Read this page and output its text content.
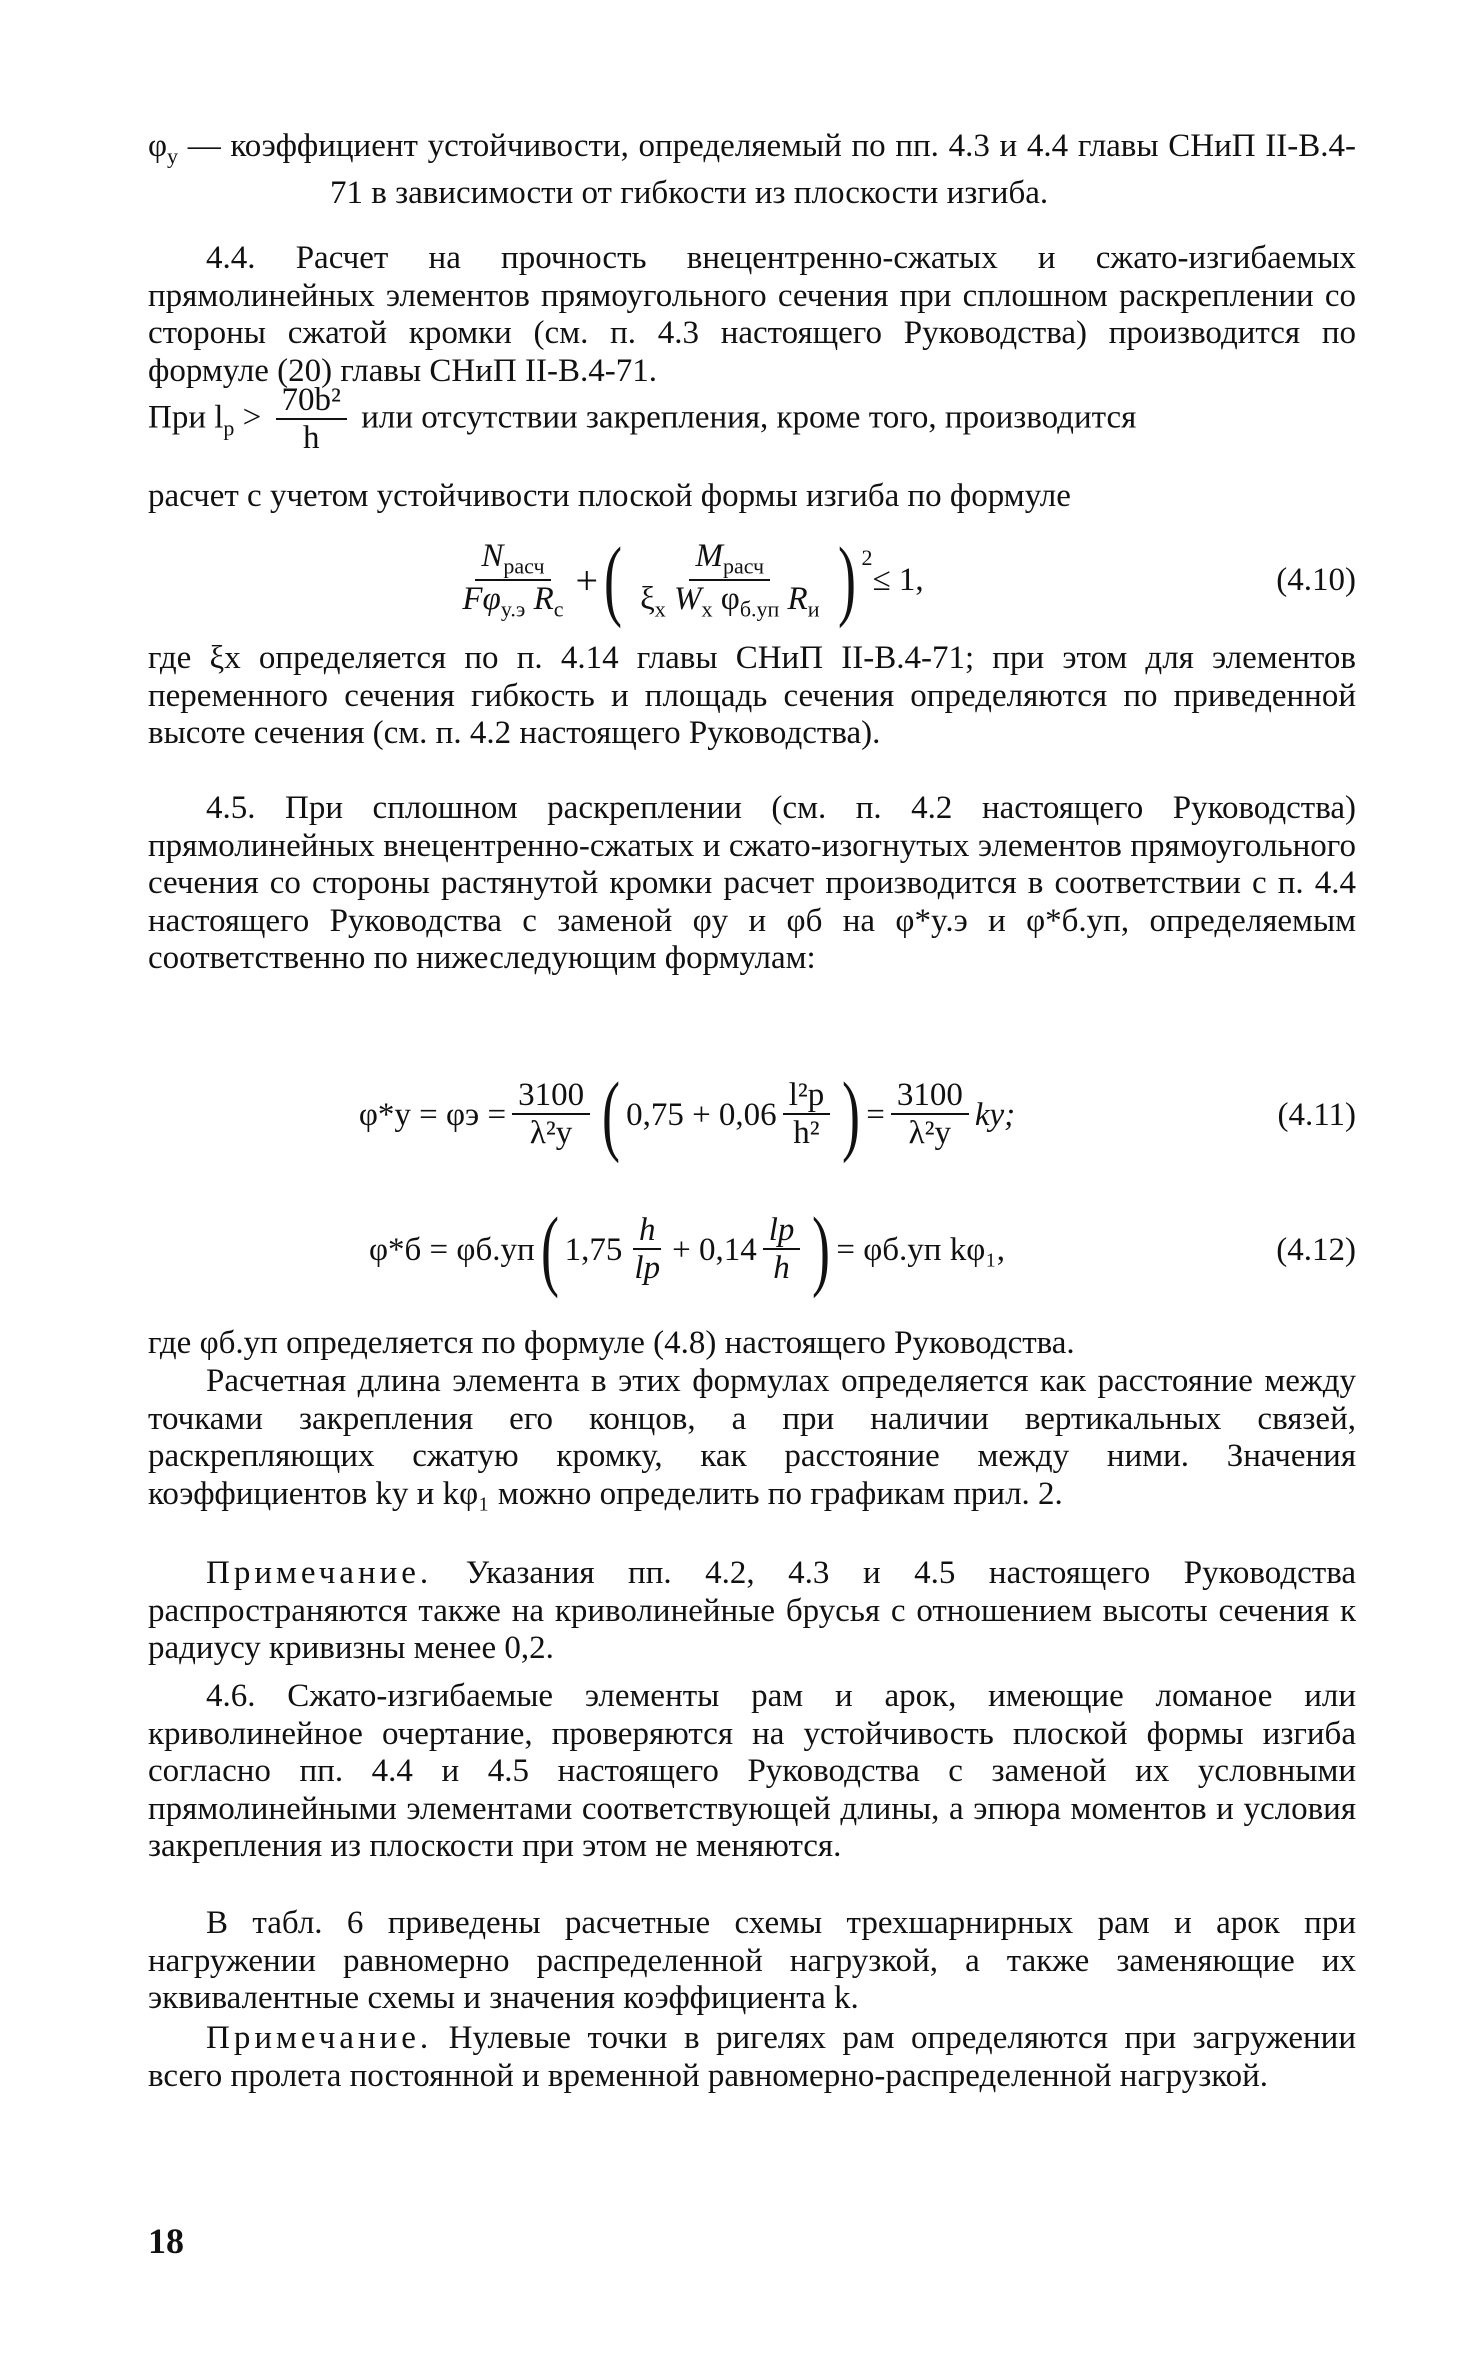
$\varphi_y$ — коэффициент устойчивости, определяемый по пп. 4.3 и 4.4 главы СНиП II-В.4-71 в зависимости от гибкости из плоскости изгиба.

4.4. Расчет на прочность внецентренно-сжатых и сжато-изгибаемых прямолинейных элементов прямоугольного сечения при сплошном раскреплении со стороны сжатой кромки (см. п. 4.3 настоящего Руководства) производится по формуле (20) главы СНиП II-В.4-71.

При $l_р > \frac{\text{70b²}}{h}$ или отсутствии закрепления, кроме того, производится

расчет с учетом устойчивости плоской формы изгиба по формуле

$\frac{N_{расч}}{F\varphi_{y.э} R_с}$ + ( $\frac{M_{расч}}{\xi_x W_x \varphi_{б.уп} R_и}$ ) $^2$
≤ 1,	(4.10)

где ξx определяется по п. 4.14 главы СНиП II-В.4-71; при этом для элементов переменного сечения гибкость и площадь сечения определяются по приведенной высоте сечения (см. п. 4.2 настоящего Руководства).

4.5. При сплошном раскреплении (см. п. 4.2 настоящего Руководства) прямолинейных внецентренно-сжатых и сжато-изогнутых элементов прямоугольного сечения со стороны растянутой кромки расчет производится в соответствии с п. 4.4 настоящего Руководства с заменой φy и φб на φ*y.э и φ*б.уп, определяемым соответственно по нижеследующим формулам:

$\varphi*y = \varphi э = \frac{3100}{\text{λ²y}}$ ( $0,75 + 0,06 \frac{\text{l²р}}{\text{h²}}$ ) = $\frac{3100}{\text{λ²y}}$ ky;	(4.11)
φ*б = φб.уп ( $1,75 \frac{h}{lр} + 0,14 \frac{lр}{h}$ ) = φб.уп kφ₁,	(4.12)

где φб.уп определяется по формуле (4.8) настоящего Руководства.

Расчетная длина элемента в этих формулах определяется как расстояние между точками закрепления его концов, а при наличии вертикальных связей, раскрепляющих сжатую кромку, как расстояние между ними. Значения коэффициентов ky и kφ₁ можно определить по графикам прил. 2.

Примечание. Указания пп. 4.2, 4.3 и 4.5 настоящего Руководства распространяются также на криволинейные брусья с отношением высоты сечения к радиусу кривизны менее 0,2.

4.6. Сжато-изгибаемые элементы рам и арок, имеющие ломаное или криволинейное очертание, проверяются на устойчивость плоской формы изгиба согласно пп. 4.4 и 4.5 настоящего Руководства с заменой их условными прямолинейными элементами соответствующей длины, а эпюра моментов и условия закрепления из плоскости при этом не меняются.

В табл. 6 приведены расчетные схемы трехшарнирных рам и арок при нагружении равномерно распределенной нагрузкой, а также заменяющие их эквивалентные схемы и значения коэффициента k.

Примечание. Нулевые точки в ригелях рам определяются при загружении всего пролета постоянной и временной равномерно-распределенной нагрузкой.

18
